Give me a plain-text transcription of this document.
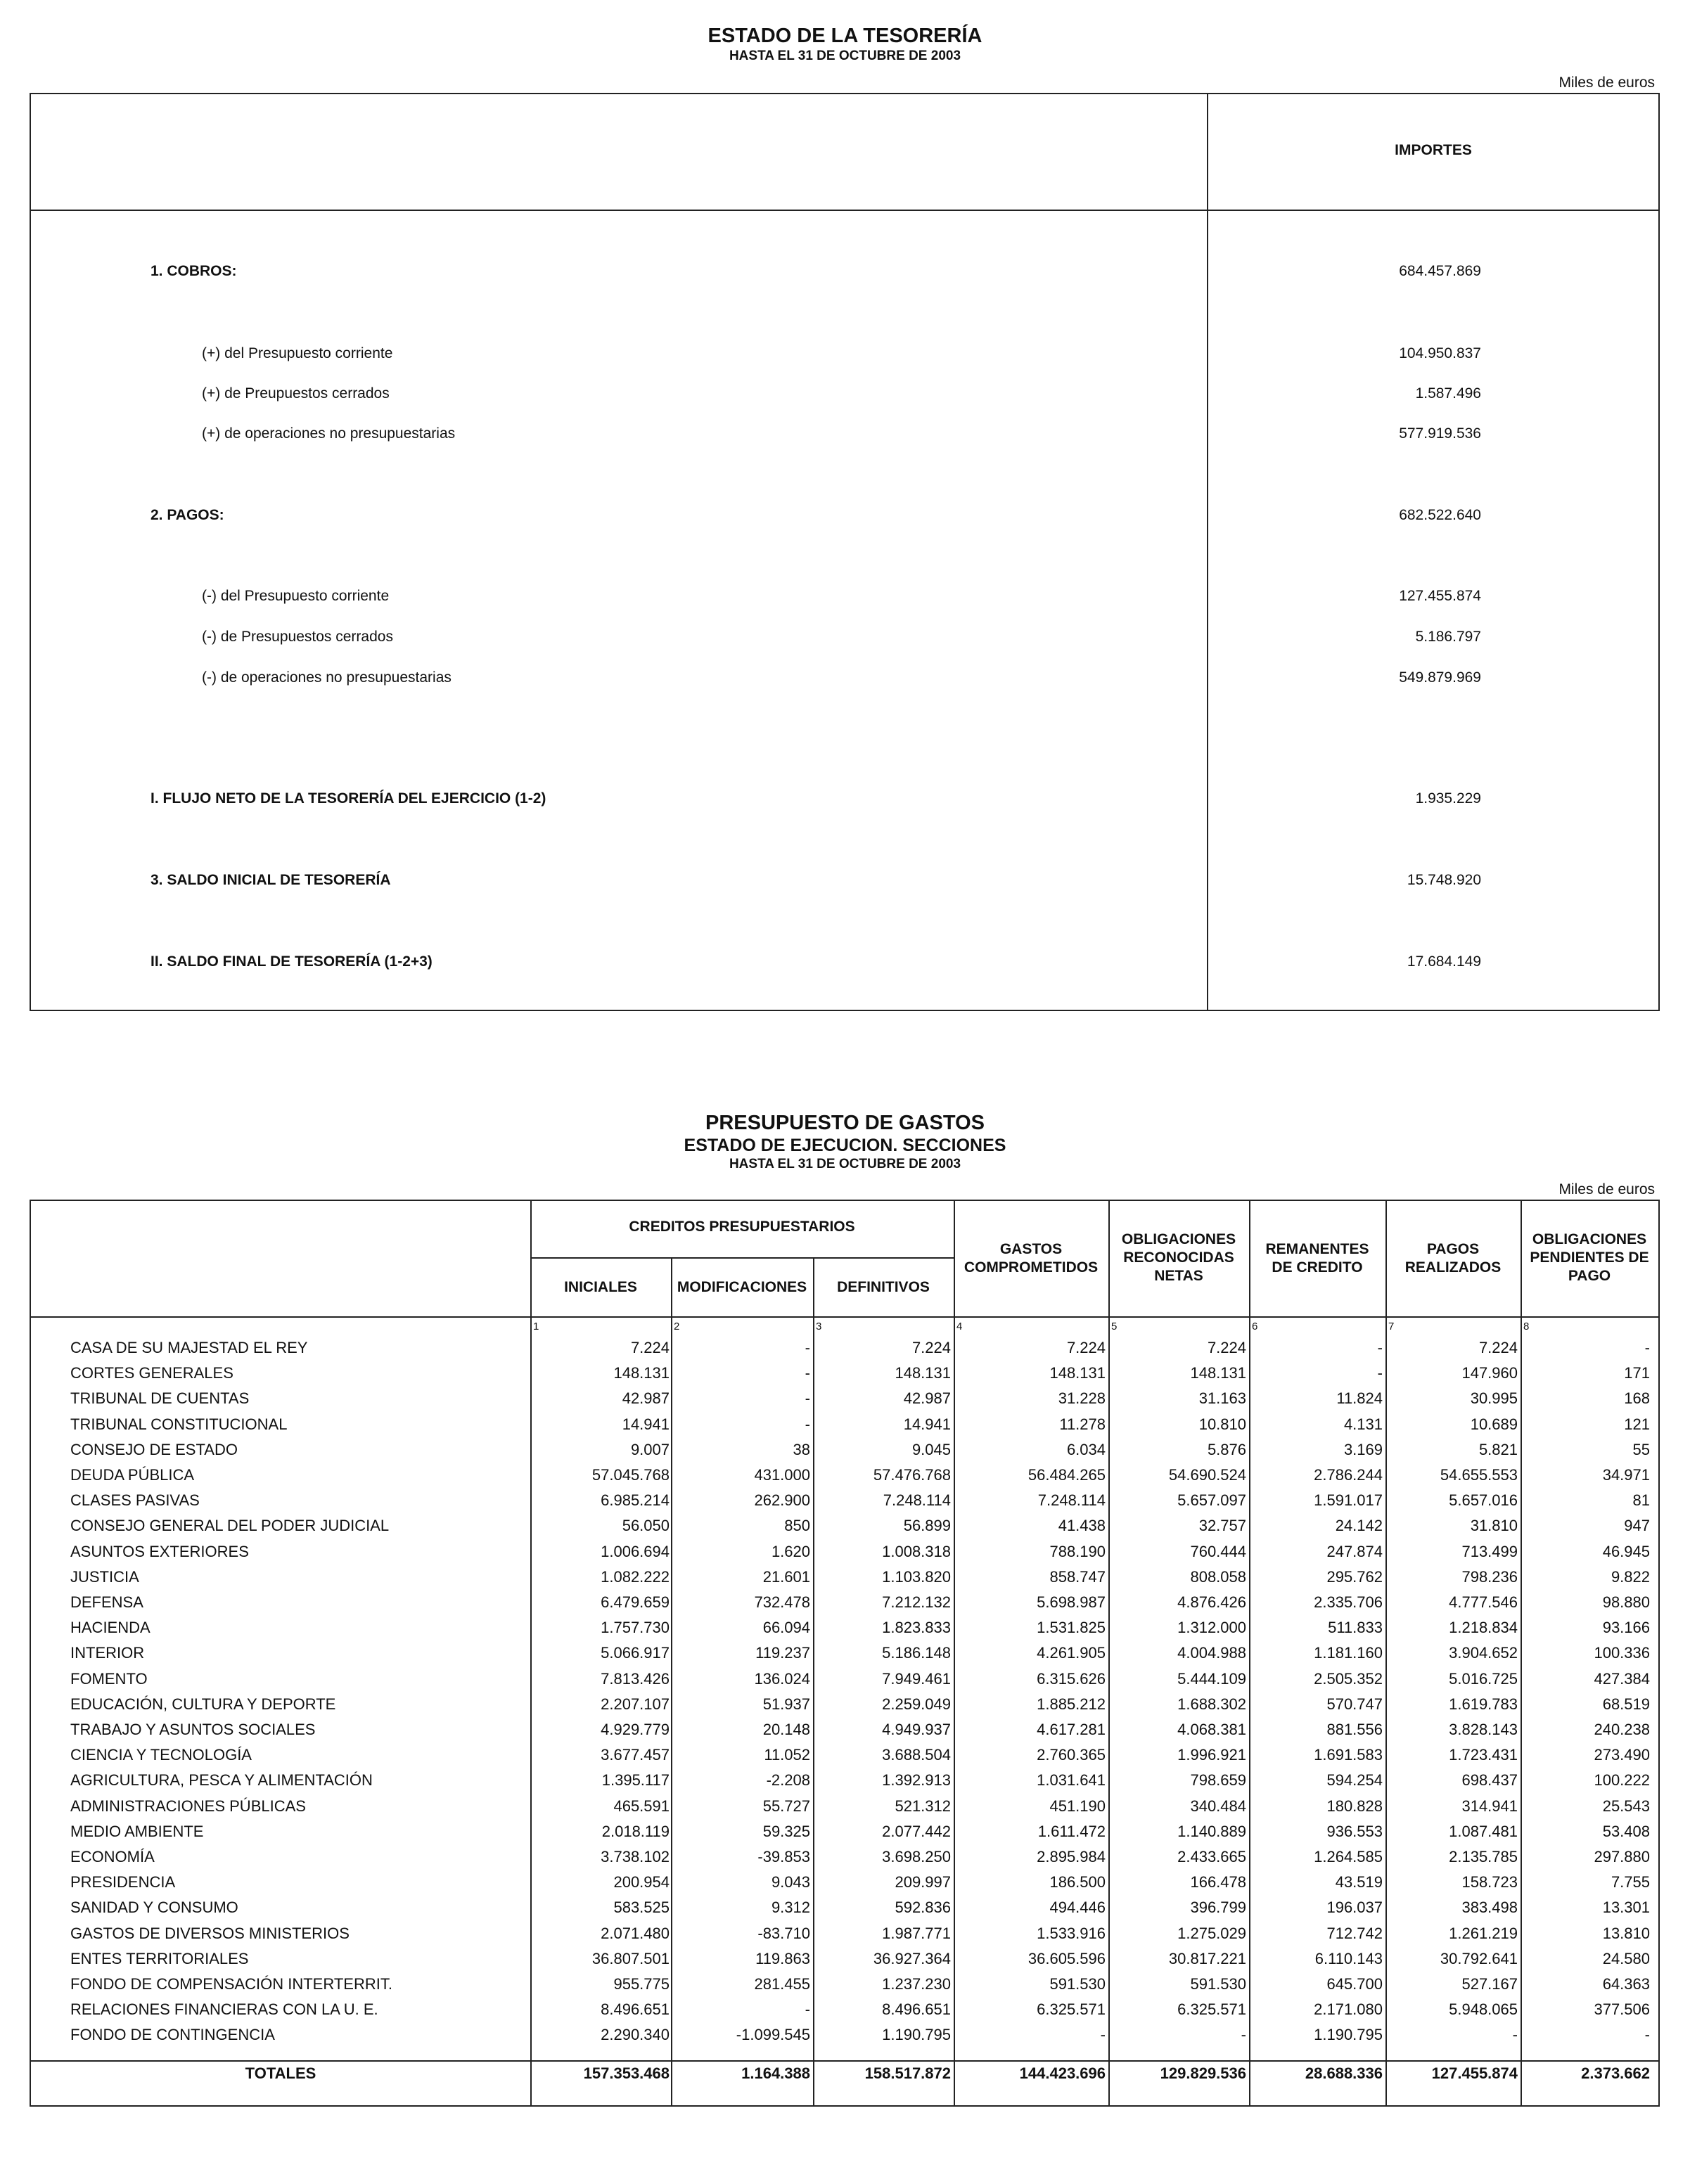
ESTADO DE LA TESORERÍA
HASTA EL 31 DE OCTUBRE DE 2003
Miles de euros
IMPORTES
1. COBROS:	684.457.869
(+) del Presupuesto corriente	104.950.837
(+) de Preupuestos cerrados	1.587.496
(+) de operaciones no presupuestarias	577.919.536
2. PAGOS:	682.522.640
(-) del Presupuesto corriente	127.455.874
(-) de Presupuestos cerrados	5.186.797
(-) de operaciones no presupuestarias	549.879.969
I. FLUJO NETO DE LA TESORERÍA DEL EJERCICIO (1-2)	1.935.229
3. SALDO INICIAL DE TESORERÍA	15.748.920
II. SALDO FINAL DE TESORERÍA (1-2+3)	17.684.149
PRESUPUESTO DE GASTOS
ESTADO DE EJECUCION. SECCIONES
HASTA EL 31 DE OCTUBRE DE 2003
Miles de euros
CREDITOS PRESUPUESTARIOS
INICIALES	MODIFICACIONES	DEFINITIVOS
GASTOS
COMPROMETIDOS
OBLIGACIONES
RECONOCIDAS
NETAS
REMANENTES
DE CREDITO
PAGOS
REALIZADOS
OBLIGACIONES
PENDIENTES DE
PAGO
1	2	3	4	5	6	7	8
CASA DE SU MAJESTAD EL REY	7.224	-	7.224	7.224	7.224	-	7.224	-
CORTES GENERALES	148.131	-	148.131	148.131	148.131	-	147.960	171
TRIBUNAL DE CUENTAS	42.987	-	42.987	31.228	31.163	11.824	30.995	168
TRIBUNAL CONSTITUCIONAL	14.941	-	14.941	11.278	10.810	4.131	10.689	121
CONSEJO DE ESTADO	9.007	38	9.045	6.034	5.876	3.169	5.821	55
DEUDA PÚBLICA	57.045.768	431.000	57.476.768	56.484.265	54.690.524	2.786.244	54.655.553	34.971
CLASES PASIVAS	6.985.214	262.900	7.248.114	7.248.114	5.657.097	1.591.017	5.657.016	81
CONSEJO GENERAL DEL PODER JUDICIAL	56.050	850	56.899	41.438	32.757	24.142	31.810	947
ASUNTOS EXTERIORES	1.006.694	1.620	1.008.318	788.190	760.444	247.874	713.499	46.945
JUSTICIA	1.082.222	21.601	1.103.820	858.747	808.058	295.762	798.236	9.822
DEFENSA	6.479.659	732.478	7.212.132	5.698.987	4.876.426	2.335.706	4.777.546	98.880
HACIENDA	1.757.730	66.094	1.823.833	1.531.825	1.312.000	511.833	1.218.834	93.166
INTERIOR	5.066.917	119.237	5.186.148	4.261.905	4.004.988	1.181.160	3.904.652	100.336
FOMENTO	7.813.426	136.024	7.949.461	6.315.626	5.444.109	2.505.352	5.016.725	427.384
EDUCACIÓN, CULTURA Y DEPORTE	2.207.107	51.937	2.259.049	1.885.212	1.688.302	570.747	1.619.783	68.519
TRABAJO Y ASUNTOS SOCIALES	4.929.779	20.148	4.949.937	4.617.281	4.068.381	881.556	3.828.143	240.238
CIENCIA Y TECNOLOGÍA	3.677.457	11.052	3.688.504	2.760.365	1.996.921	1.691.583	1.723.431	273.490
AGRICULTURA, PESCA Y ALIMENTACIÓN	1.395.117	-2.208	1.392.913	1.031.641	798.659	594.254	698.437	100.222
ADMINISTRACIONES PÚBLICAS	465.591	55.727	521.312	451.190	340.484	180.828	314.941	25.543
MEDIO AMBIENTE	2.018.119	59.325	2.077.442	1.611.472	1.140.889	936.553	1.087.481	53.408
ECONOMÍA	3.738.102	-39.853	3.698.250	2.895.984	2.433.665	1.264.585	2.135.785	297.880
PRESIDENCIA	200.954	9.043	209.997	186.500	166.478	43.519	158.723	7.755
SANIDAD Y CONSUMO	583.525	9.312	592.836	494.446	396.799	196.037	383.498	13.301
GASTOS DE DIVERSOS MINISTERIOS	2.071.480	-83.710	1.987.771	1.533.916	1.275.029	712.742	1.261.219	13.810
ENTES TERRITORIALES	36.807.501	119.863	36.927.364	36.605.596	30.817.221	6.110.143	30.792.641	24.580
FONDO DE COMPENSACIÓN INTERTERRIT.	955.775	281.455	1.237.230	591.530	591.530	645.700	527.167	64.363
RELACIONES FINANCIERAS CON LA U. E.	8.496.651	-	8.496.651	6.325.571	6.325.571	2.171.080	5.948.065	377.506
FONDO DE CONTINGENCIA	2.290.340	-1.099.545	1.190.795	-	-	1.190.795	-	-
TOTALES	157.353.468	1.164.388	158.517.872	144.423.696	129.829.536	28.688.336	127.455.874	2.373.662
